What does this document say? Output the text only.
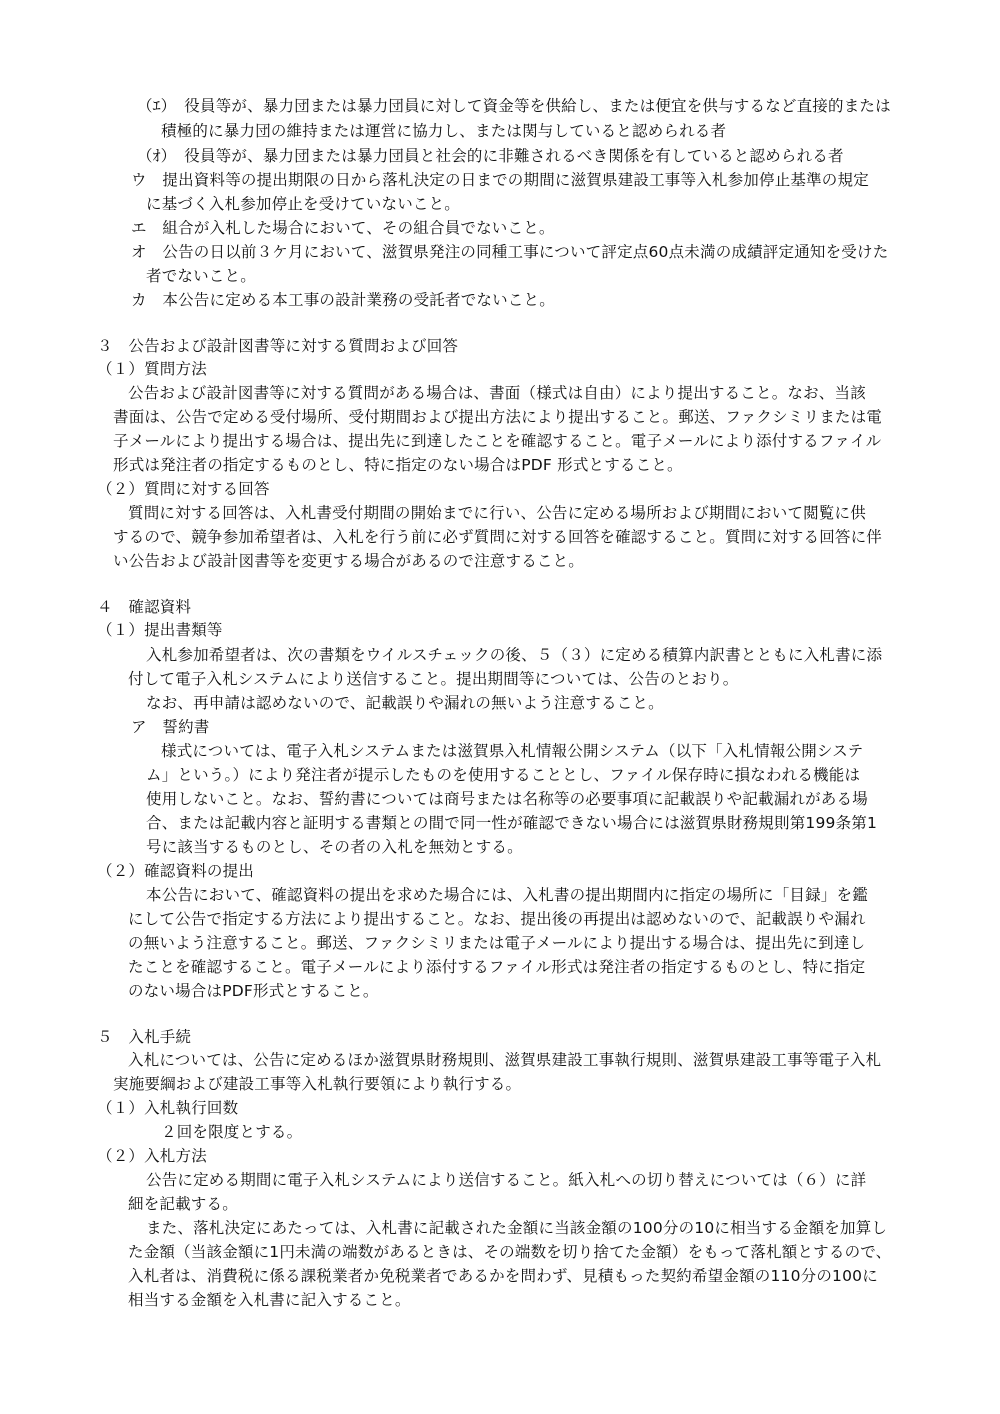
（ｴ）　役員等が、暴力団または暴力団員に対して資金等を供給し、または便宜を供与するなど直接的または
積極的に暴力団の維持または運営に協力し、または関与していると認められる者
（ｵ）　役員等が、暴力団または暴力団員と社会的に非難されるべき関係を有していると認められる者
ウ　提出資料等の提出期限の日から落札決定の日までの期間に滋賀県建設工事等入札参加停止基準の規定
に基づく入札参加停止を受けていないこと。
エ　組合が入札した場合において、その組合員でないこと。
オ　公告の日以前３ケ月において、滋賀県発注の同種工事について評定点60点未満の成績評定通知を受けた
者でないこと。
カ　本公告に定める本工事の設計業務の受託者でないこと。
３　公告および設計図書等に対する質問および回答
（１）質問方法
公告および設計図書等に対する質問がある場合は、書面（様式は自由）により提出すること。なお、当該
書面は、公告で定める受付場所、受付期間および提出方法により提出すること。郵送、ファクシミリまたは電
子メールにより提出する場合は、提出先に到達したことを確認すること。電子メールにより添付するファイル
形式は発注者の指定するものとし、特に指定のない場合はPDF 形式とすること。
（２）質問に対する回答
質問に対する回答は、入札書受付期間の開始までに行い、公告に定める場所および期間において閲覧に供
するので、競争参加希望者は、入札を行う前に必ず質問に対する回答を確認すること。質問に対する回答に伴
い公告および設計図書等を変更する場合があるので注意すること。
４　確認資料
（１）提出書類等
入札参加希望者は、次の書類をウイルスチェックの後、５（３）に定める積算内訳書とともに入札書に添
付して電子入札システムにより送信すること。提出期間等については、公告のとおり。
なお、再申請は認めないので、記載誤りや漏れの無いよう注意すること。
ア　誓約書
様式については、電子入札システムまたは滋賀県入札情報公開システム（以下「入札情報公開システ
ム」という。）により発注者が提示したものを使用することとし、ファイル保存時に損なわれる機能は
使用しないこと。なお、誓約書については商号または名称等の必要事項に記載誤りや記載漏れがある場
合、または記載内容と証明する書類との間で同一性が確認できない場合には滋賀県財務規則第199条第1
号に該当するものとし、その者の入札を無効とする。
（２）確認資料の提出
本公告において、確認資料の提出を求めた場合には、入札書の提出期間内に指定の場所に「目録」を鑑
にして公告で指定する方法により提出すること。なお、提出後の再提出は認めないので、記載誤りや漏れ
の無いよう注意すること。郵送、ファクシミリまたは電子メールにより提出する場合は、提出先に到達し
たことを確認すること。電子メールにより添付するファイル形式は発注者の指定するものとし、特に指定
のない場合はPDF形式とすること。
５　入札手続
入札については、公告に定めるほか滋賀県財務規則、滋賀県建設工事執行規則、滋賀県建設工事等電子入札
実施要綱および建設工事等入札執行要領により執行する。
（１）入札執行回数
２回を限度とする。
（２）入札方法
公告に定める期間に電子入札システムにより送信すること。紙入札への切り替えについては（６）に詳
細を記載する。
また、落札決定にあたっては、入札書に記載された金額に当該金額の100分の10に相当する金額を加算し
た金額（当該金額に1円未満の端数があるときは、その端数を切り捨てた金額）をもって落札額とするので、
入札者は、消費税に係る課税業者か免税業者であるかを問わず、見積もった契約希望金額の110分の100に
相当する金額を入札書に記入すること。
